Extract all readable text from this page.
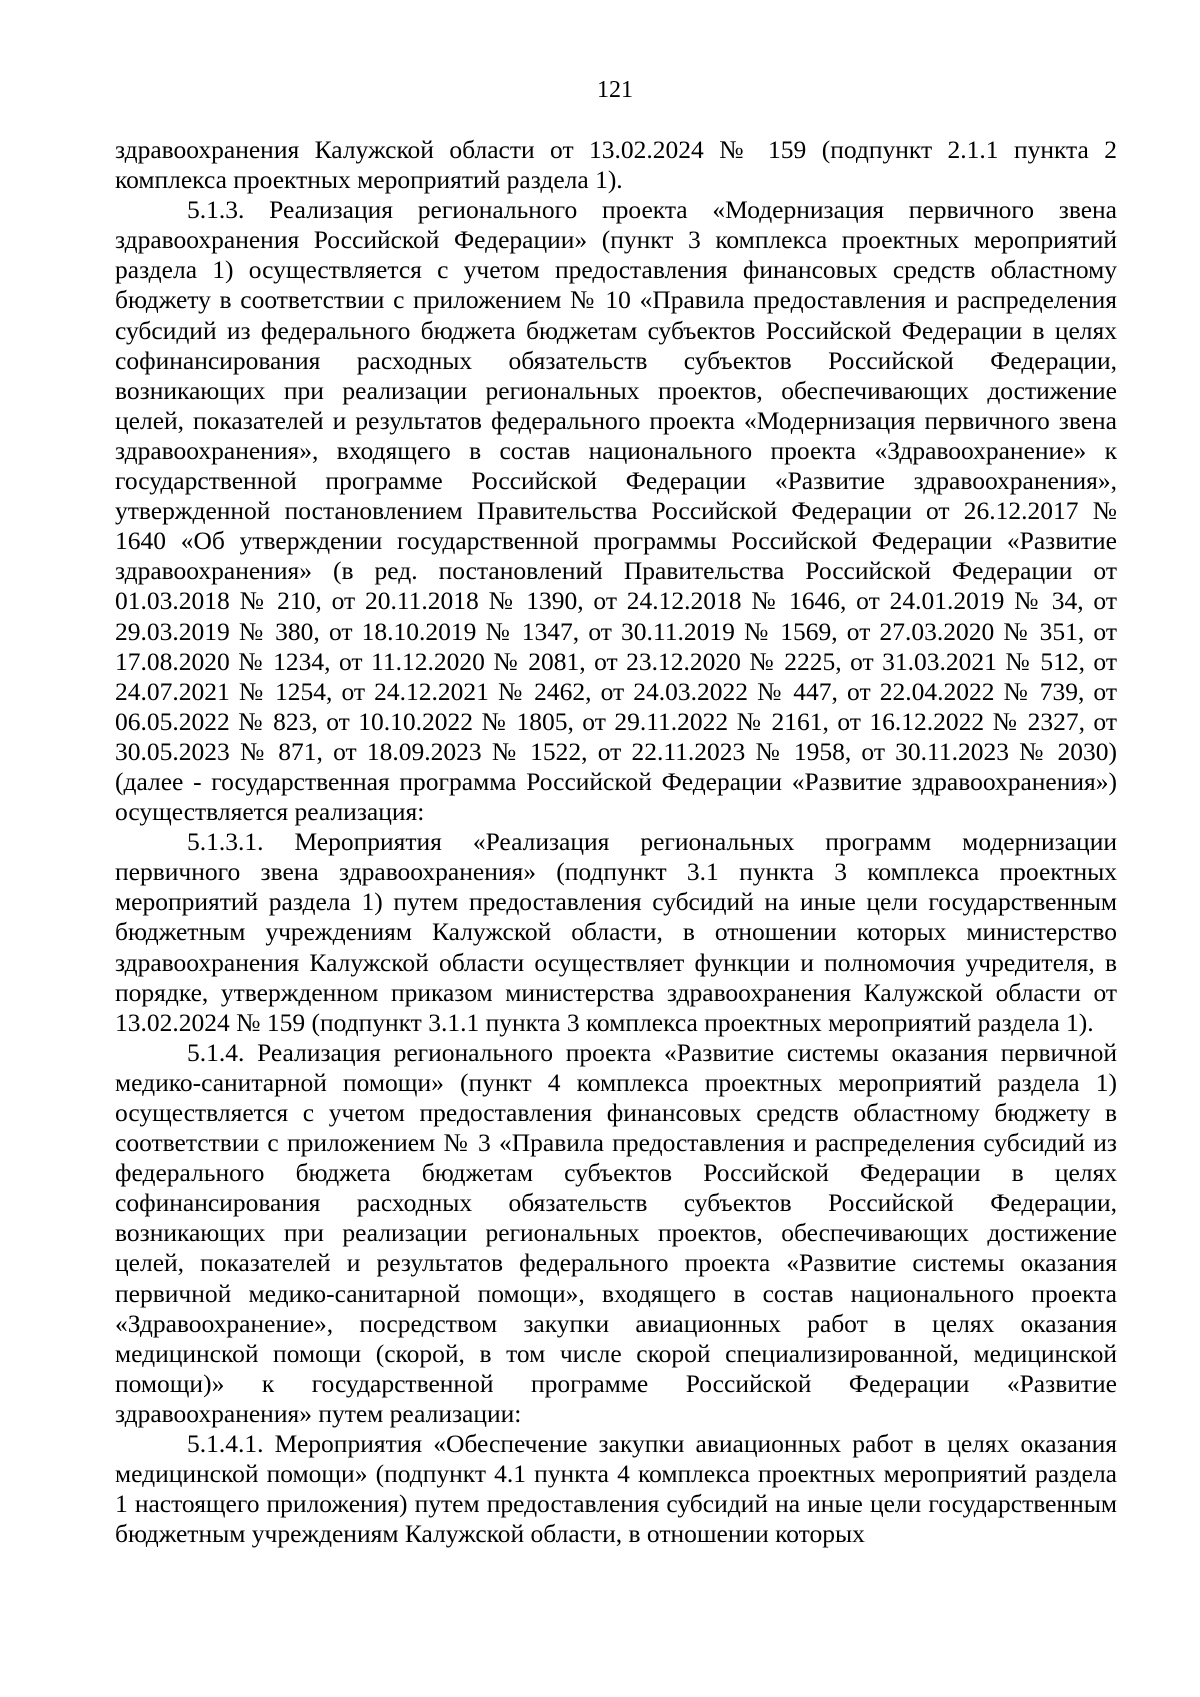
121

здравоохранения Калужской области от 13.02.2024 № 159 (подпункт 2.1.1 пункта 2 комплекса проектных мероприятий раздела 1).

5.1.3. Реализация регионального проекта «Модернизация первичного звена здравоохранения Российской Федерации» (пункт 3 комплекса проектных мероприятий раздела 1) осуществляется с учетом предоставления финансовых средств областному бюджету в соответствии с приложением № 10 «Правила предоставления и распределения субсидий из федерального бюджета бюджетам субъектов Российской Федерации в целях софинансирования расходных обязательств субъектов Российской Федерации, возникающих при реализации региональных проектов, обеспечивающих достижение целей, показателей и результатов федерального проекта «Модернизация первичного звена здравоохранения», входящего в состав национального проекта «Здравоохранение» к государственной программе Российской Федерации «Развитие здравоохранения», утвержденной постановлением Правительства Российской Федерации от 26.12.2017 № 1640 «Об утверждении государственной программы Российской Федерации «Развитие здравоохранения» (в ред. постановлений Правительства Российской Федерации от 01.03.2018 № 210, от 20.11.2018 № 1390, от 24.12.2018 № 1646, от 24.01.2019 № 34, от 29.03.2019 № 380, от 18.10.2019 № 1347, от 30.11.2019 № 1569, от 27.03.2020 № 351, от 17.08.2020 № 1234, от 11.12.2020 № 2081, от 23.12.2020 № 2225, от 31.03.2021 № 512, от 24.07.2021 № 1254, от 24.12.2021 № 2462, от 24.03.2022 № 447, от 22.04.2022 № 739, от 06.05.2022 № 823, от 10.10.2022 № 1805, от 29.11.2022 № 2161, от 16.12.2022 № 2327, от 30.05.2023 № 871, от 18.09.2023 № 1522, от 22.11.2023 № 1958, от 30.11.2023 № 2030) (далее - государственная программа Российской Федерации «Развитие здравоохранения») осуществляется реализация:

5.1.3.1. Мероприятия «Реализация региональных программ модернизации первичного звена здравоохранения» (подпункт 3.1 пункта 3 комплекса проектных мероприятий раздела 1) путем предоставления субсидий на иные цели государственным бюджетным учреждениям Калужской области, в отношении которых министерство здравоохранения Калужской области осуществляет функции и полномочия учредителя, в порядке, утвержденном приказом министерства здравоохранения Калужской области от 13.02.2024 № 159 (подпункт 3.1.1 пункта 3 комплекса проектных мероприятий раздела 1).

5.1.4. Реализация регионального проекта «Развитие системы оказания первичной медико-санитарной помощи» (пункт 4 комплекса проектных мероприятий раздела 1) осуществляется с учетом предоставления финансовых средств областному бюджету в соответствии с приложением № 3 «Правила предоставления и распределения субсидий из федерального бюджета бюджетам субъектов Российской Федерации в целях софинансирования расходных обязательств субъектов Российской Федерации, возникающих при реализации региональных проектов, обеспечивающих достижение целей, показателей и результатов федерального проекта «Развитие системы оказания первичной медико-санитарной помощи», входящего в состав национального проекта «Здравоохранение», посредством закупки авиационных работ в целях оказания медицинской помощи (скорой, в том числе скорой специализированной, медицинской помощи)» к государственной программе Российской Федерации «Развитие здравоохранения» путем реализации:

5.1.4.1. Мероприятия «Обеспечение закупки авиационных работ в целях оказания медицинской помощи» (подпункт 4.1 пункта 4 комплекса проектных мероприятий раздела 1 настоящего приложения) путем предоставления субсидий на иные цели государственным бюджетным учреждениям Калужской области, в отношении которых
